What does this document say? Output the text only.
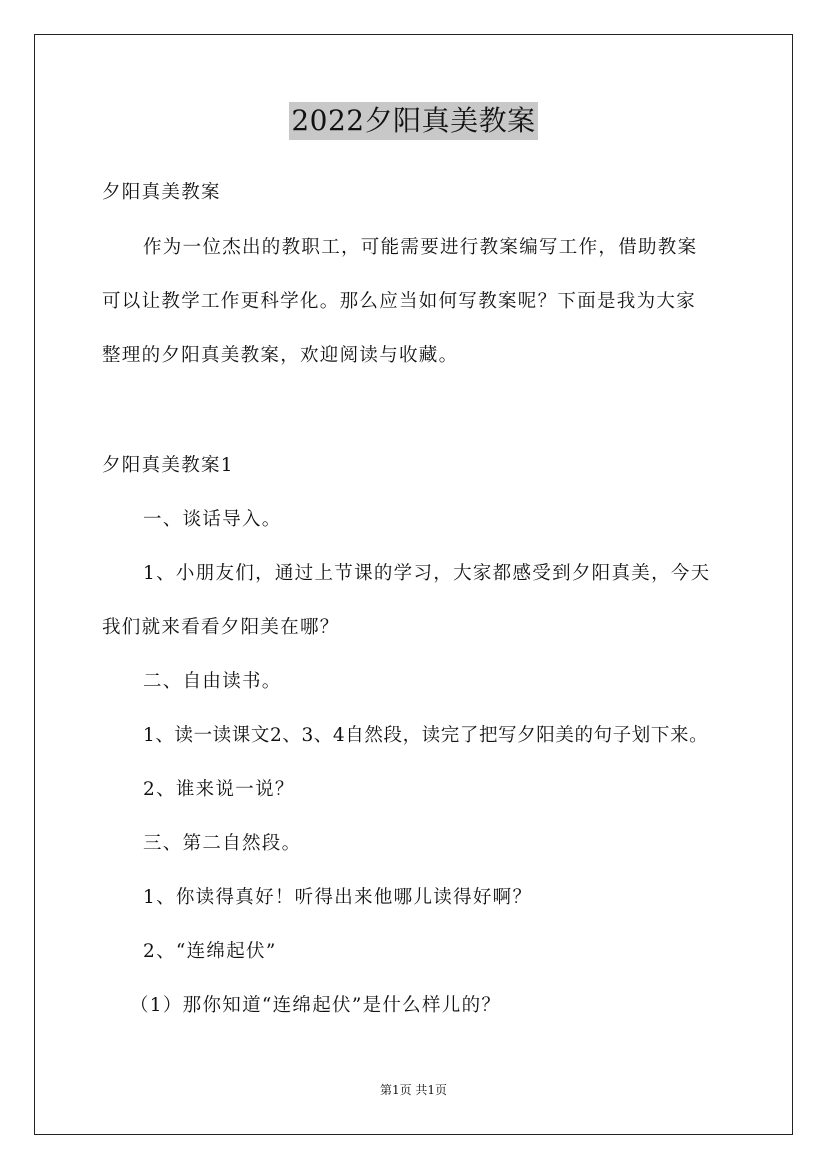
2022夕阳真美教案
夕阳真美教案
作为一位杰出的教职工，可能需要进行教案编写工作，借助教案
可以让教学工作更科学化。那么应当如何写教案呢？下面是我为大家
整理的夕阳真美教案，欢迎阅读与收藏。
夕阳真美教案1
一、谈话导入。
1、小朋友们，通过上节课的学习，大家都感受到夕阳真美，今天
我们就来看看夕阳美在哪？
二、自由读书。
1、读一读课文2、3、4自然段，读完了把写夕阳美的句子划下来。
2、谁来说一说？
三、第二自然段。
1、你读得真好！听得出来他哪儿读得好啊？
2、“连绵起伏”
（1）那你知道“连绵起伏”是什么样儿的？
第1页 共1页
